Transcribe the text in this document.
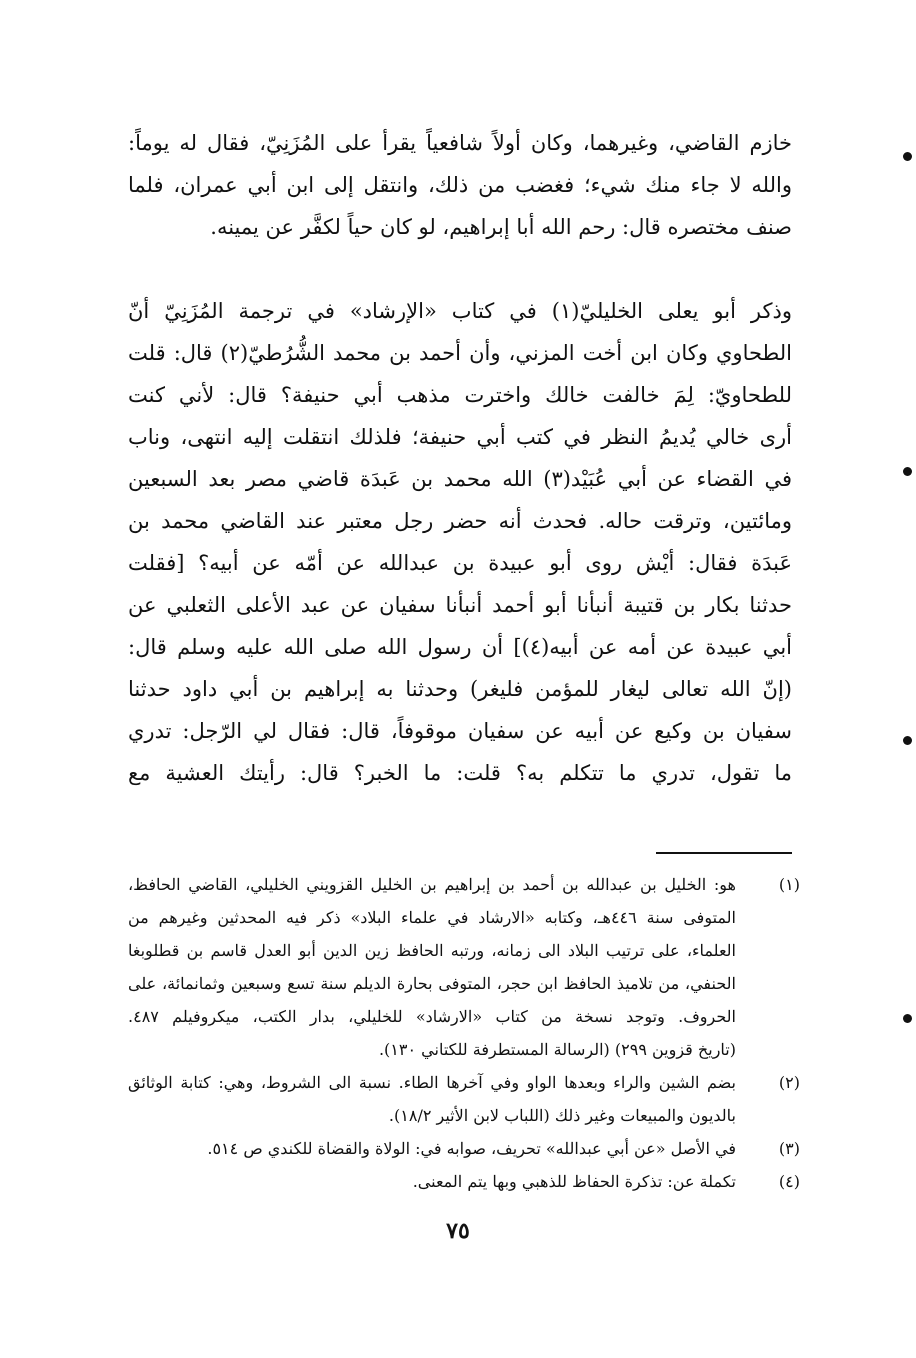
خازم القاضي، وغيرهما، وكان أولاً شافعياً يقرأ على المُزَنِيّ، فقال له يوماً:
والله لا جاء منك شيء؛ فغضب من ذلك، وانتقل إلى ابن أبي عمران، فلما
صنف مختصره قال: رحم الله أبا إبراهيم، لو كان حياً لكفَّر عن يمينه.
وذكر أبو يعلى الخليليّ(١) في كتاب «الإرشاد» في ترجمة المُزَنِيّ أنّ
الطحاوي وكان ابن أخت المزني، وأن أحمد بن محمد الشُّرُطيّ(٢) قال: قلت
للطحاويّ: لِمَ خالفت خالك واخترت مذهب أبي حنيفة؟ قال: لأني كنت
أرى خالي يُديمُ النظر في كتب أبي حنيفة؛ فلذلك انتقلت إليه انتهى، وناب
في القضاء عن أبي عُبَيْد(٣) الله محمد بن عَبدَة قاضي مصر بعد السبعين
ومائتين، وترقت حاله. فحدث أنه حضر رجل معتبر عند القاضي محمد بن
عَبدَة فقال: أيْش روى أبو عبيدة بن عبدالله عن أمّه عن أبيه؟ [فقلت
حدثنا بكار بن قتيبة أنبأنا أبو أحمد أنبأنا سفيان عن عبد الأعلى الثعلبي عن
أبي عبيدة عن أمه عن أبيه(٤)] أن رسول الله صلى الله عليه وسلم قال:
(إنّ الله تعالى ليغار للمؤمن فليغر) وحدثنا به إبراهيم بن أبي داود حدثنا
سفيان بن وكيع عن أبيه عن سفيان موقوفاً، قال: فقال لي الرّجل: تدري
ما تقول، تدري ما تتكلم به؟ قلت: ما الخبر؟ قال: رأيتك العشية مع
(١)
هو: الخليل بن عبدالله بن أحمد بن إبراهيم بن الخليل القزويني الخليلي، القاضي الحافظ،
المتوفى سنة ٤٤٦هـ، وكتابه «الارشاد في علماء البلاد» ذكر فيه المحدثين وغيرهم من
العلماء، على ترتيب البلاد الى زمانه، ورتبه الحافظ زين الدين أبو العدل قاسم بن قطلوبغا
الحنفي، من تلاميذ الحافظ ابن حجر، المتوفى بحارة الديلم سنة تسع وسبعين وثمانمائة، على
الحروف. وتوجد نسخة من كتاب «الارشاد» للخليلي، بدار الكتب، ميكروفيلم ٤٨٧.
(تاريخ قزوين ٢٩٩) (الرسالة المستطرفة للكتاني ١٣٠).
(٢)
بضم الشين والراء وبعدها الواو وفي آخرها الطاء. نسبة الى الشروط، وهي: كتابة الوثائق
بالديون والمبيعات وغير ذلك (اللباب لابن الأثير ١٨/٢).
(٣)
في الأصل «عن أبي عبدالله» تحريف، صوابه في: الولاة والقضاة للكندي ص ٥١٤.
(٤)
تكملة عن: تذكرة الحفاظ للذهبي وبها يتم المعنى.
٧٥
